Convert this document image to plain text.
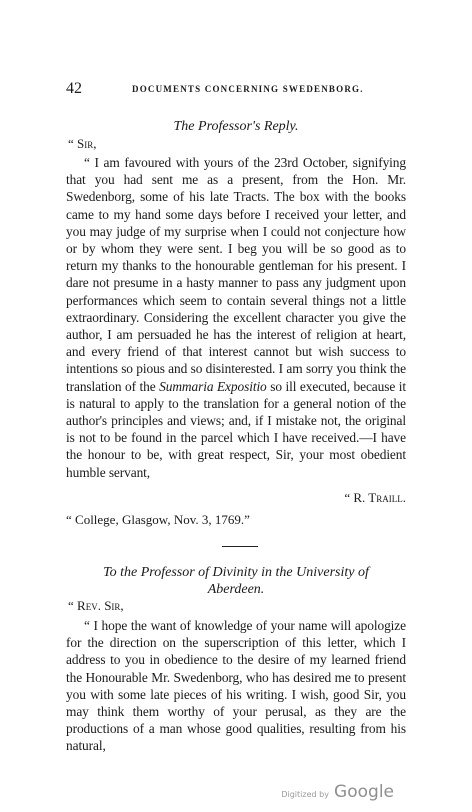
42	DOCUMENTS CONCERNING SWEDENBORG.
The Professor's Reply.
“ Sir,

“ I am favoured with yours of the 23rd October, signifying that you had sent me as a present, from the Hon. Mr. Swedenborg, some of his late Tracts. The box with the books came to my hand some days before I received your letter, and you may judge of my surprise when I could not conjecture how or by whom they were sent. I beg you will be so good as to return my thanks to the honourable gentleman for his present. I dare not presume in a hasty manner to pass any judgment upon performances which seem to contain several things not a little extraordinary. Considering the excellent character you give the author, I am persuaded he has the interest of religion at heart, and every friend of that interest cannot but wish success to intentions so pious and so disinterested. I am sorry you think the translation of the Summaria Expositio so ill executed, because it is natural to apply to the translation for a general notion of the author's principles and views; and, if I mistake not, the original is not to be found in the parcel which I have received.—I have the honour to be, with great respect, Sir, your most obedient humble servant,

“ R. Traill.
“ College, Glasgow, Nov. 3, 1769.”
To the Professor of Divinity in the University of
Aberdeen.
“ Rev. Sir,

“ I hope the want of knowledge of your name will apologize for the direction on the superscription of this letter, which I address to you in obedience to the desire of my learned friend the Honourable Mr. Swedenborg, who has desired me to present you with some late pieces of his writing. I wish, good Sir, you may think them worthy of your perusal, as they are the productions of a man whose good qualities, resulting from his natural,

Digitized by Google
